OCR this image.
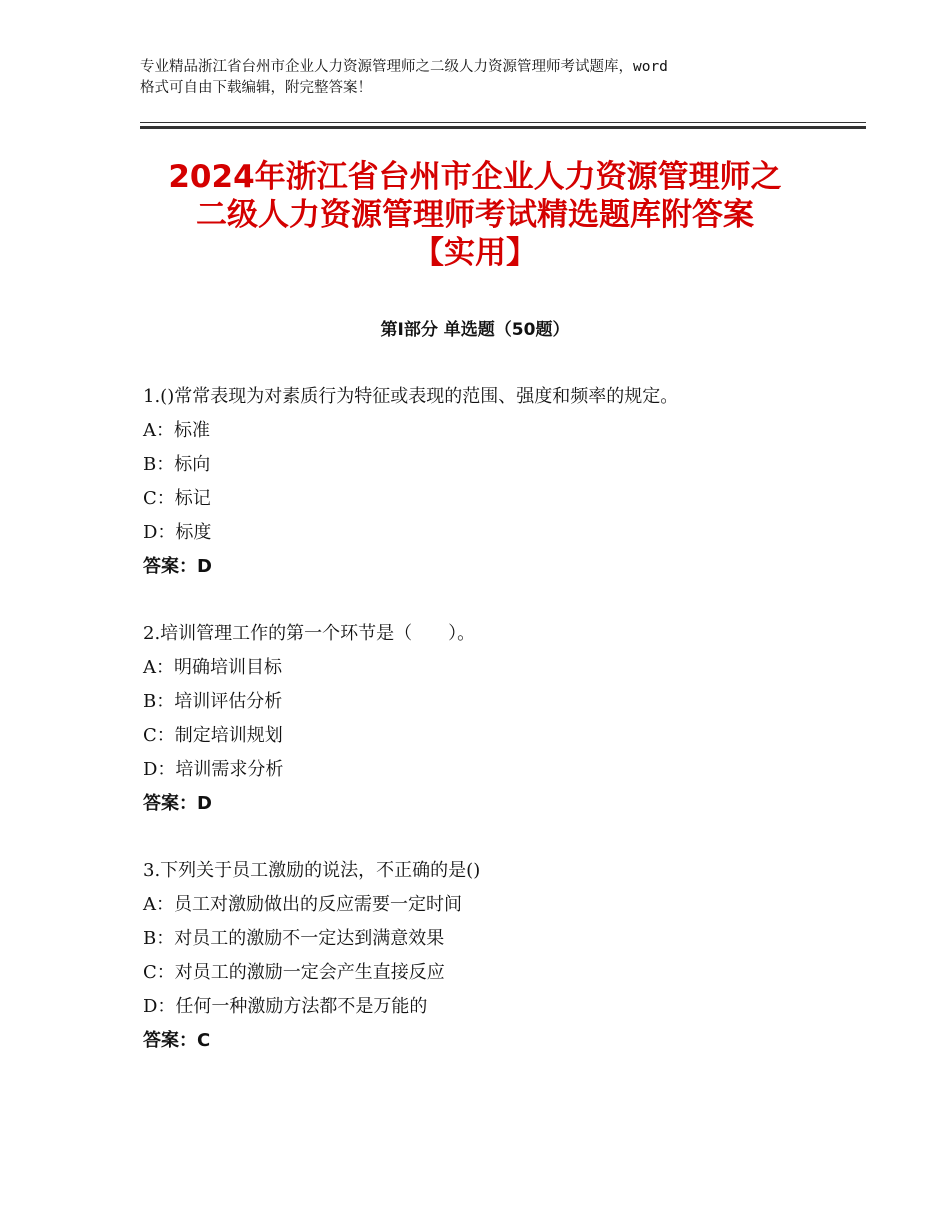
专业精品浙江省台州市企业人力资源管理师之二级人力资源管理师考试题库，word
格式可自由下载编辑，附完整答案！
2024年浙江省台州市企业人力资源管理师之
二级人力资源管理师考试精选题库附答案
【实用】
第Ⅰ部分 单选题（50题）
1.()常常表现为对素质行为特征或表现的范围、强度和频率的规定。
A：标准
B：标向
C：标记
D：标度
答案：D
2.培训管理工作的第一个环节是（　　）。
A：明确培训目标
B：培训评估分析
C：制定培训规划
D：培训需求分析
答案：D
3.下列关于员工激励的说法，不正确的是()
A：员工对激励做出的反应需要一定时间
B：对员工的激励不一定达到满意效果
C：对员工的激励一定会产生直接反应
D：任何一种激励方法都不是万能的
答案：C
